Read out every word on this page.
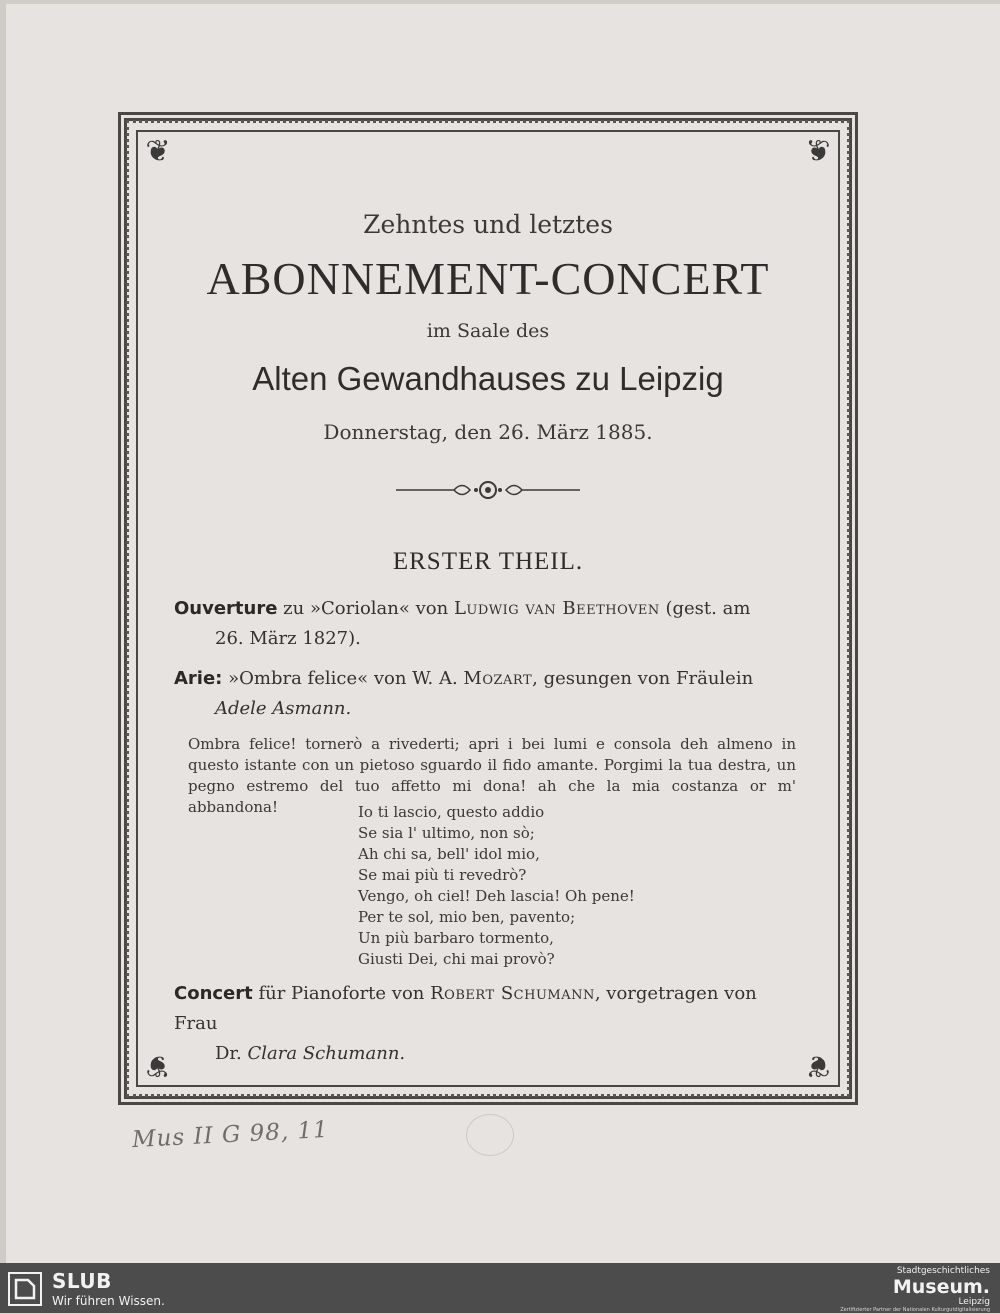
❦	❦
❦	❦
Zehntes und letztes
ABONNEMENT-CONCERT
im Saale des
Alten Gewandhauses zu Leipzig
Donnerstag, den 26. März 1885.
ERSTER THEIL.
Ouverture zu »Coriolan« von Ludwig van Beethoven (gest. am
26. März 1827).
Arie: »Ombra felice« von W. A. Mozart, gesungen von Fräulein
Adele Asmann.
Ombra felice! tornerò a rivederti; apri i bei lumi e consola deh almeno in questo istante con un pietoso sguardo il fido amante. Porgimi la tua destra, un pegno estremo del tuo affetto mi dona! ah che la mia costanza or m' abbandona!	Io ti lascio, questo addio
Se sia l' ultimo, non sò;
Ah chi sa, bell' idol mio,
Se mai più ti revedrò?
Vengo, oh ciel! Deh lascia! Oh pene!
Per te sol, mio ben, pavento;
Un più barbaro tormento,
Giusti Dei, chi mai provò?
Concert für Pianoforte von Robert Schumann, vorgetragen von Frau
Dr. Clara Schumann.
Mus II G 98, 11
SLUB
Wir führen Wissen.
Stadtgeschichtliches
Museum.
Leipzig
Zertifizierter Partner der Nationalen Kulturgutdigitalisierung
